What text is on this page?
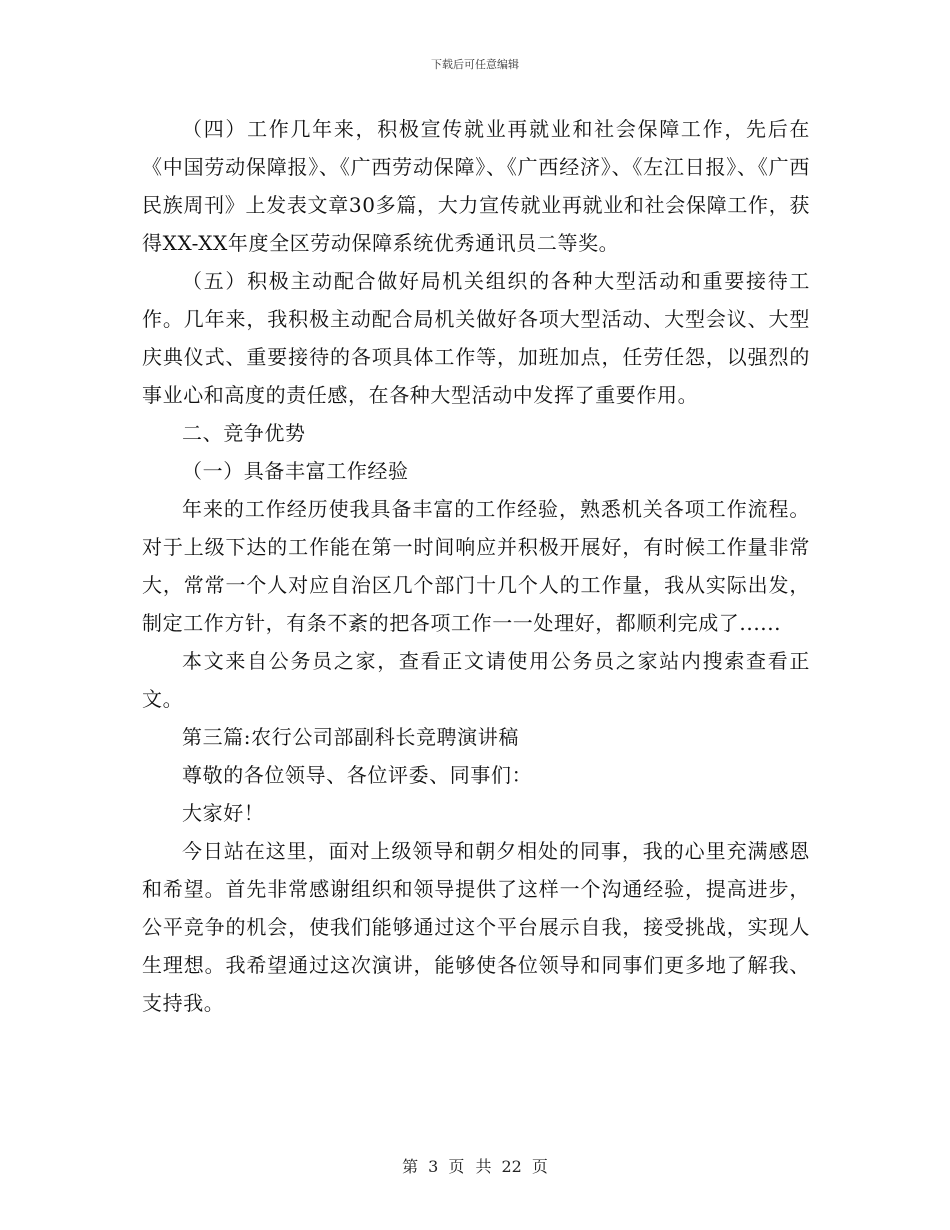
下载后可任意编辑

（四）工作几年来，积极宣传就业再就业和社会保障工作，先后在《中国劳动保障报》、《广西劳动保障》、《广西经济》、《左江日报》、《广西民族周刊》上发表文章30多篇，大力宣传就业再就业和社会保障工作，获得XX-XX年度全区劳动保障系统优秀通讯员二等奖。

（五）积极主动配合做好局机关组织的各种大型活动和重要接待工作。几年来，我积极主动配合局机关做好各项大型活动、大型会议、大型庆典仪式、重要接待的各项具体工作等，加班加点，任劳任怨，以强烈的事业心和高度的责任感，在各种大型活动中发挥了重要作用。

二、竞争优势

（一）具备丰富工作经验

年来的工作经历使我具备丰富的工作经验，熟悉机关各项工作流程。对于上级下达的工作能在第一时间响应并积极开展好，有时候工作量非常大，常常一个人对应自治区几个部门十几个人的工作量，我从实际出发，制定工作方针，有条不紊的把各项工作一一处理好，都顺利完成了......

本文来自公务员之家，查看正文请使用公务员之家站内搜索查看正文。

第三篇:农行公司部副科长竞聘演讲稿

尊敬的各位领导、各位评委、同事们：

大家好！

今日站在这里，面对上级领导和朝夕相处的同事，我的心里充满感恩和希望。首先非常感谢组织和领导提供了这样一个沟通经验，提高进步，公平竞争的机会，使我们能够通过这个平台展示自我，接受挑战，实现人生理想。我希望通过这次演讲，能够使各位领导和同事们更多地了解我、支持我。

第 3 页 共 22 页
